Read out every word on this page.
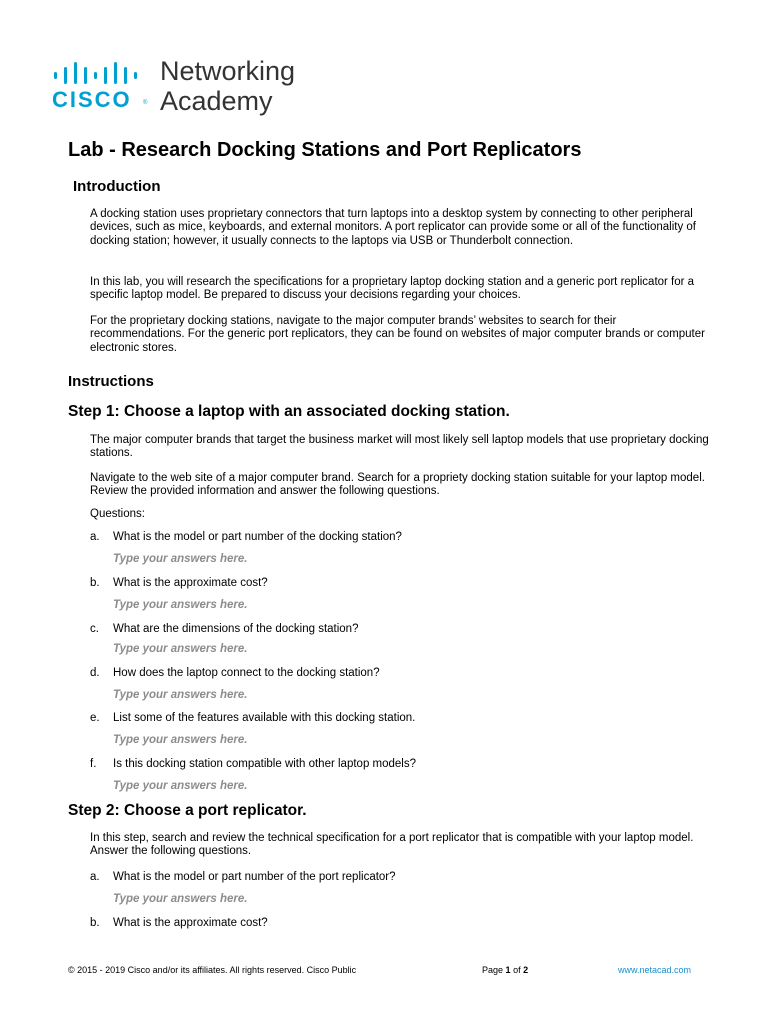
CISCO ®
Networking
Academy
Lab - Research Docking Stations and Port Replicators
Introduction
A docking station uses proprietary connectors that turn laptops into a desktop system by connecting to other peripheral devices, such as mice, keyboards, and external monitors. A port replicator can provide some or all of the functionality of docking station; however, it usually connects to the laptops via USB or Thunderbolt connection.
In this lab, you will research the specifications for a proprietary laptop docking station and a generic port replicator for a specific laptop model. Be prepared to discuss your decisions regarding your choices.
For the proprietary docking stations, navigate to the major computer brands’ websites to search for their recommendations. For the generic port replicators, they can be found on websites of major computer brands or computer electronic stores.
Instructions
Step 1: Choose a laptop with an associated docking station.
The major computer brands that target the business market will most likely sell laptop models that use proprietary docking stations.
Navigate to the web site of a major computer brand. Search for a propriety docking station suitable for your laptop model. Review the provided information and answer the following questions.
Questions:
a. What is the model or part number of the docking station?
Type your answers here.
b. What is the approximate cost?
Type your answers here.
c. What are the dimensions of the docking station?
Type your answers here.
d. How does the laptop connect to the docking station?
Type your answers here.
e. List some of the features available with this docking station.
Type your answers here.
f. Is this docking station compatible with other laptop models?
Type your answers here.
Step 2: Choose a port replicator.
In this step, search and review the technical specification for a port replicator that is compatible with your laptop model. Answer the following questions.
a. What is the model or part number of the port replicator?
Type your answers here.
b. What is the approximate cost?
© 2015 - 2019 Cisco and/or its affiliates. All rights reserved. Cisco Public	Page 1 of 2	www.netacad.com
